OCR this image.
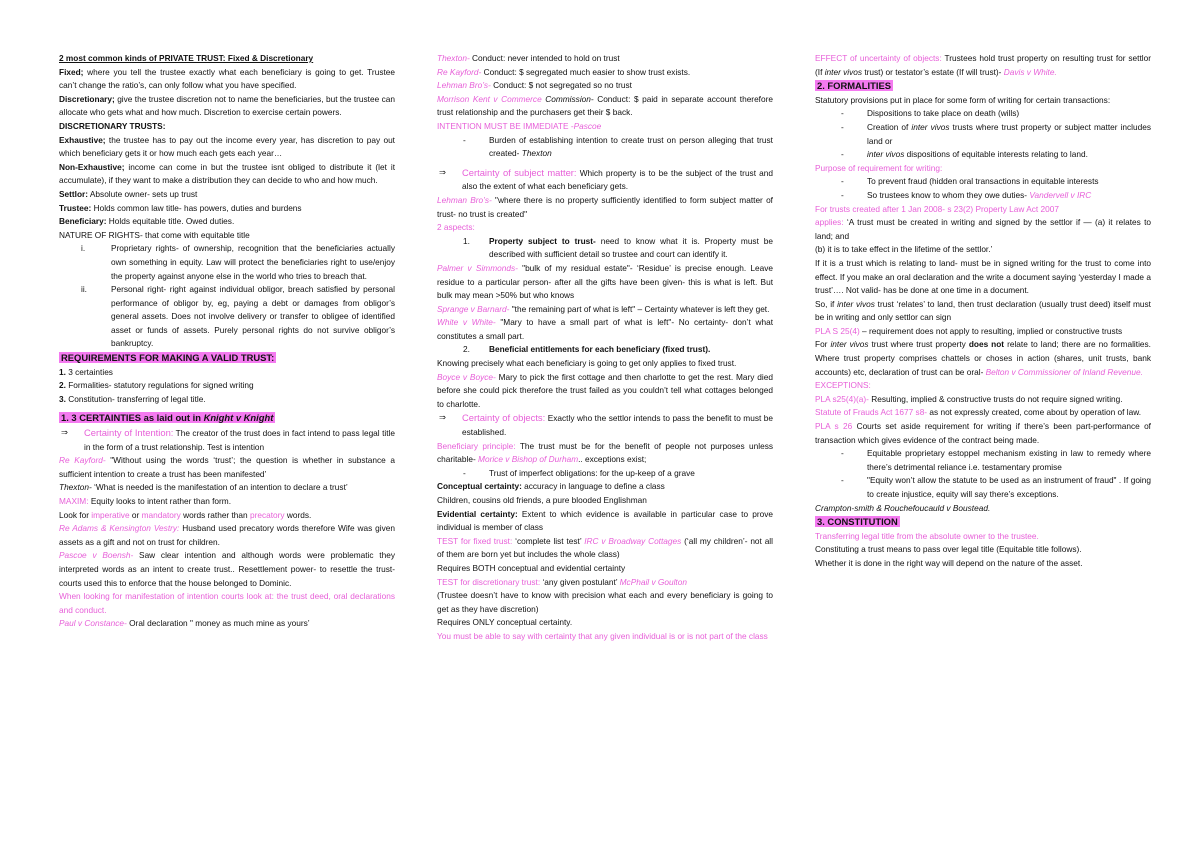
2 most common kinds of PRIVATE TRUST: Fixed & Discretionary

Fixed; where you tell the trustee exactly what each beneficiary is going to get. Trustee can’t change the ratio’s, can only follow what you have specified.

Discretionary; give the trustee discretion not to name the beneficiaries, but the trustee can allocate who gets what and how much. Discretion to exercise certain powers.

DISCRETIONARY TRUSTS:

Exhaustive; the trustee has to pay out the income every year, has discretion to pay out which beneficiary gets it or how much each gets each year…

Non-Exhaustive; income can come in but the trustee isnt obliged to distribute it (let it accumulate), if they want to make a distribution they can decide to who and how much.

Settlor: Absolute owner- sets up trust

Trustee: Holds common law title- has powers, duties and burdens

Beneficiary: Holds equitable title. Owed duties.

NATURE OF RIGHTS- that come with equitable title

i.	Proprietary rights- of ownership, recognition that the beneficiaries actually own something in equity. Law will protect the beneficiaries right to use/enjoy the property against anyone else in the world who tries to breach that.

ii.	Personal right- right against individual obligor, breach satisfied by personal performance of obligor by, eg, paying a debt or damages from obligor’s general assets. Does not involve delivery or transfer to obligee of identified asset or funds of assets. Purely personal rights do not survive obligor’s bankruptcy.

REQUIREMENTS FOR MAKING A VALID TRUST:

1. 3 certainties

2. Formalities- statutory regulations for signed writing

3. Constitution- transferring of legal title.

1. 3 CERTAINTIES as laid out in Knight v Knight

⇒ Certainty of Intention: The creator of the trust does in fact intend to pass legal title in the form of a trust relationship. Test is intention

Re Kayford- "Without using the words ‘trust’; the question is whether in substance a sufficient intention to create a trust has been manifested’

Thexton- ‘What is needed is the manifestation of an intention to declare a trust’

MAXIM: Equity looks to intent rather than form.

Look for imperative or mandatory words rather than precatory words.

Re Adams & Kensington Vestry: Husband used precatory words therefore Wife was given assets as a gift and not on trust for children.

Pascoe v Boensh- Saw clear intention and although words were problematic they interpreted words as an intent to create trust.. Resettlement power- to resettle the trust- courts used this to enforce that the house belonged to Dominic.

When looking for manifestation of intention courts look at: the trust deed, oral declarations and conduct.

Paul v Constance- Oral declaration " money as much mine as yours’

Thexton- Conduct: never intended to hold on trust

Re Kayford- Conduct: $ segregated much easier to show trust exists.

Lehman Bro’s- Conduct: $ not segregated so no trust

Morrison Kent v Commerce Commission- Conduct: $ paid in separate account therefore trust relationship and the purchasers get their $ back.

INTENTION MUST BE IMMEDIATE -Pascoe

-	Burden of establishing intention to create trust on person alleging that trust created- Thexton

⇒ Certainty of subject matter: Which property is to be the subject of the trust and also the extent of what each beneficiary gets.

Lehman Bro’s- "where there is no property sufficiently identified to form subject matter of trust- no trust is created"

2 aspects:

1. Property subject to trust- need to know what it is. Property must be described with sufficient detail so trustee and court can identify it.

Palmer v Simmonds- "bulk of my residual estate"- ‘Residue’ is precise enough. Leave residue to a particular person- after all the gifts have been given- this is what is left. But bulk may mean >50% but who knows

Sprange v Barnard- "the remaining part of what is left" – Certainty whatever is left they get.

White v White- "Mary to have a small part of what is left"- No certainty- don’t what constitutes a small part.

2. Beneficial entitlements for each beneficiary (fixed trust).

Knowing precisely what each beneficiary is going to get only applies to fixed trust.

Boyce v Boyce- Mary to pick the first cottage and then charlotte to get the rest. Mary died before she could pick therefore the trust failed as you couldn’t tell what cottages belonged to charlotte.

⇒ Certainty of objects: Exactly who the settlor intends to pass the benefit to must be established.

Beneficiary principle: The trust must be for the benefit of people not purposes unless charitable- Morice v Bishop of Durham.. exceptions exist;

-	Trust of imperfect obligations: for the up-keep of a grave

Conceptual certainty: accuracy in language to define a class

Children, cousins old friends, a pure blooded Englishman

Evidential certainty: Extent to which evidence is available in particular case to prove individual is member of class

TEST for fixed trust: ‘complete list test’ IRC v Broadway Cottages (‘all my children’- not all of them are born yet but includes the whole class)

Requires BOTH conceptual and evidential certainty

TEST for discretionary trust: ‘any given postulant’ McPhail v Goulton

(Trustee doesn’t have to know with precision what each and every beneficiary is going to get as they have discretion)

Requires ONLY conceptual certainty.

You must be able to say with certainty that any given individual is or is not part of the class

EFFECT of uncertainty of objects: Trustees hold trust property on resulting trust for settlor (If inter vivos trust) or testator’s estate (If will trust)- Davis v White.

2. FORMALITIES

Statutory provisions put in place for some form of writing for certain transactions:

-	Dispositions to take place on death (wills)

-	Creation of inter vivos trusts where trust property or subject matter includes land or

-	inter vivos dispositions of equitable interests relating to land.

Purpose of requirement for writing:

-	To prevent fraud (hidden oral transactions in equitable interests

-	So trustees know to whom they owe duties- Vandervell v IRC

For trusts created after 1 Jan 2008- s 23(2) Property Law Act 2007

applies: ‘A trust must be created in writing and signed by the settlor if — (a) it relates to land; and

(b) it is to take effect in the lifetime of the settlor.’

If it is a trust which is relating to land- must be in signed writing for the trust to come into effect. If you make an oral declaration and the write a document saying ‘yesterday I made a trust’…. Not valid- has be done at one time in a document.

So, if inter vivos trust ‘relates’ to land, then trust declaration (usually trust deed) itself must be in writing and only settlor can sign

PLA S 25(4) – requirement does not apply to resulting, implied or constructive trusts

For inter vivos trust where trust property does not relate to land; there are no formalities. Where trust property comprises chattels or choses in action (shares, unit trusts, bank accounts) etc, declaration of trust can be oral- Belton v Commissioner of Inland Revenue.

EXCEPTIONS:

PLA s25(4)(a)- Resulting, implied & constructive trusts do not require signed writing.

Statute of Frauds Act 1677 s8- as not expressly created, come about by operation of law.

PLA s 26 Courts set aside requirement for writing if there’s been part-performance of transaction which gives evidence of the contract being made.

-	Equitable proprietary estoppel mechanism existing in law to remedy where there’s detrimental reliance i.e. testamentary promise

-	"Equity won’t allow the statute to be used as an instrument of fraud" . If going to create injustice, equity will say there’s exceptions.

Crampton-smith & Rouchefoucauld v Boustead.

3. CONSTITUTION

Transferring legal title from the absolute owner to the trustee.

Constituting a trust means to pass over legal title (Equitable title follows).

Whether it is done in the right way will depend on the nature of the asset.
